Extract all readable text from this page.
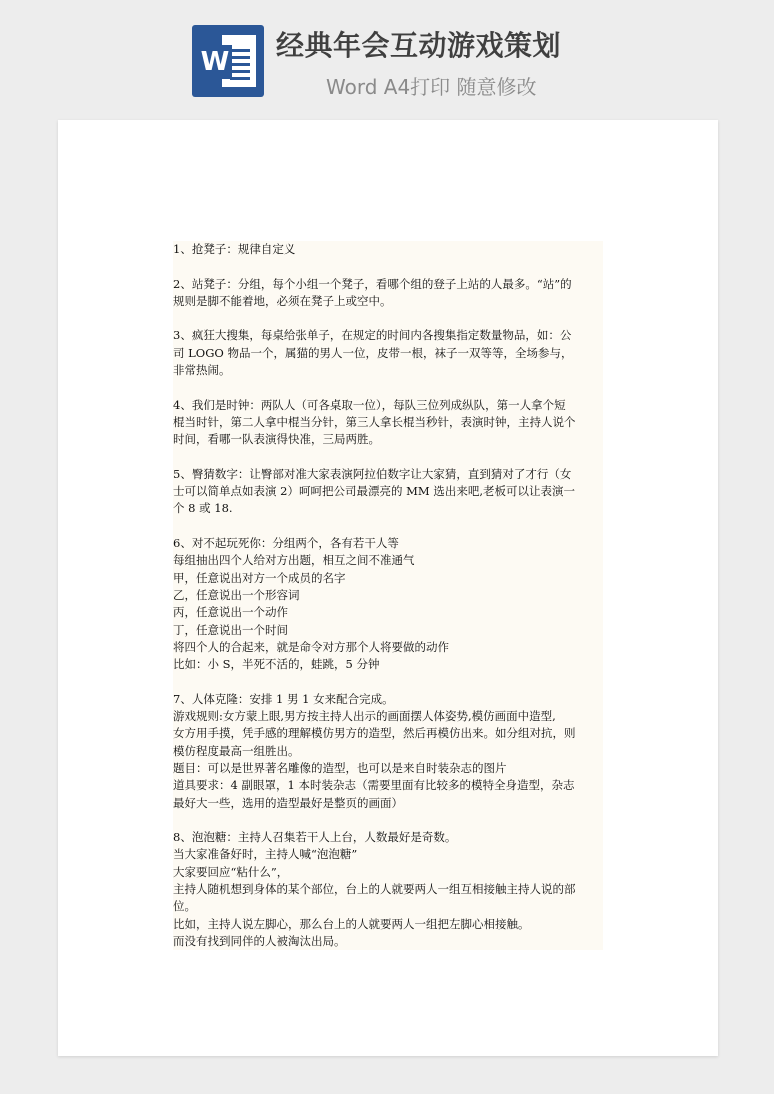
W 经典年会互动游戏策划
Word A4打印 随意修改

1、抢凳子：规律自定义

2、站凳子：分组，每个小组一个凳子，看哪个组的登子上站的人最多。“站”的
规则是脚不能着地，必须在凳子上或空中。

3、疯狂大搜集，每桌给张单子，在规定的时间内各搜集指定数量物品，如：公
司 LOGO 物品一个，属猫的男人一位，皮带一根，袜子一双等等，全场参与，
非常热闹。

4、我们是时钟：两队人（可各桌取一位），每队三位列成纵队，第一人拿个短
棍当时针，第二人拿中棍当分针，第三人拿长棍当秒针，表演时钟，主持人说个
时间，看哪一队表演得快准，三局两胜。

5、臀猜数字：让臀部对准大家表演阿拉伯数字让大家猜，直到猜对了才行（女
士可以简单点如表演 2）呵呵把公司最漂亮的 MM 选出来吧,老板可以让表演一
个 8 或 18.

6、对不起玩死你：分组两个，各有若干人等
每组抽出四个人给对方出题，相互之间不准通气
甲，任意说出对方一个成员的名字
乙，任意说出一个形容词
丙，任意说出一个动作
丁，任意说出一个时间
将四个人的合起来，就是命令对方那个人将要做的动作
比如：小 S，半死不活的，蛙跳，5 分钟

7、人体克隆：安排 1 男 1 女来配合完成。
游戏规则:女方蒙上眼,男方按主持人出示的画面摆人体姿势,模仿画面中造型,
女方用手摸，凭手感的理解模仿男方的造型，然后再模仿出来。如分组对抗，则
模仿程度最高一组胜出。
题目：可以是世界著名雕像的造型，也可以是来自时装杂志的图片
道具要求：4 副眼罩，1 本时装杂志（需要里面有比较多的模特全身造型，杂志
最好大一些，选用的造型最好是整页的画面）

8、泡泡糖：主持人召集若干人上台，人数最好是奇数。
当大家准备好时，主持人喊“泡泡糖”
大家要回应“粘什么”，
主持人随机想到身体的某个部位，台上的人就要两人一组互相接触主持人说的部
位。
比如，主持人说左脚心，那么台上的人就要两人一组把左脚心相接触。
而没有找到同伴的人被淘汰出局。
